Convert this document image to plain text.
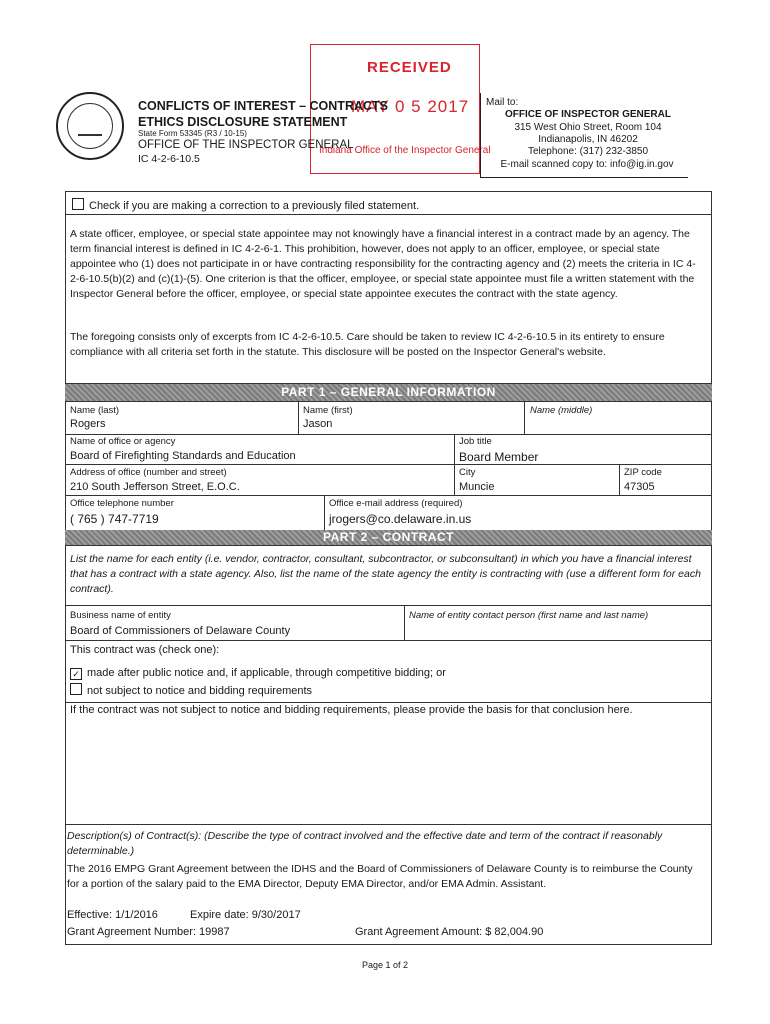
RECEIVED
MAY 0 5 2017
Indiana Office of the Inspector General
CONFLICTS OF INTEREST – CONTRACTS
ETHICS DISCLOSURE STATEMENT
State Form 53345 (R3 / 10-15)
OFFICE OF THE INSPECTOR GENERAL
IC 4-2-6-10.5
Mail to:
OFFICE OF INSPECTOR GENERAL
315 West Ohio Street, Room 104
Indianapolis, IN 46202
Telephone: (317) 232-3850
E-mail scanned copy to: info@ig.in.gov
Check if you are making a correction to a previously filed statement.
A state officer, employee, or special state appointee may not knowingly have a financial interest in a contract made by an agency. The term financial interest is defined in IC 4-2-6-1. This prohibition, however, does not apply to an officer, employee, or special state appointee who (1) does not participate in or have contracting responsibility for the contracting agency and (2) meets the criteria in IC 4-2-6-10.5(b)(2) and (c)(1)-(5). One criterion is that the officer, employee, or special state appointee must file a written statement with the Inspector General before the officer, employee, or special state appointee executes the contract with the state agency.
The foregoing consists only of excerpts from IC 4-2-6-10.5. Care should be taken to review IC 4-2-6-10.5 in its entirety to ensure compliance with all criteria set forth in the statute. This disclosure will be posted on the Inspector General's website.
PART 1 – GENERAL INFORMATION
Name (last)
Rogers
Name (first)
Jason
Name (middle)
Name of office or agency
Board of Firefighting Standards and Education
Job title
Board Member
Address of office (number and street)
210 South Jefferson Street, E.O.C.
City
Muncie
ZIP code
47305
Office telephone number
( 765 ) 747-7719
Office e-mail address (required)
jrogers@co.delaware.in.us
PART 2 – CONTRACT
List the name for each entity (i.e. vendor, contractor, consultant, subcontractor, or subconsultant) in which you have a financial interest that has a contract with a state agency. Also, list the name of the state agency the entity is contracting with (use a different form for each contract).
Business name of entity
Board of Commissioners of Delaware County
Name of entity contact person (first name and last name)
This contract was (check one):
✓ made after public notice and, if applicable, through competitive bidding; or
not subject to notice and bidding requirements
If the contract was not subject to notice and bidding requirements, please provide the basis for that conclusion here.
Description(s) of Contract(s): (Describe the type of contract involved and the effective date and term of the contract if reasonably determinable.)
The 2016 EMPG Grant Agreement between the IDHS and the Board of Commissioners of Delaware County is to reimburse the County for a portion of the salary paid to the EMA Director, Deputy EMA Director, and/or EMA Admin. Assistant.
Effective: 1/1/2016	Expire date: 9/30/2017
Grant Agreement Number: 19987	Grant Agreement Amount: $ 82,004.90
Page 1 of 2
